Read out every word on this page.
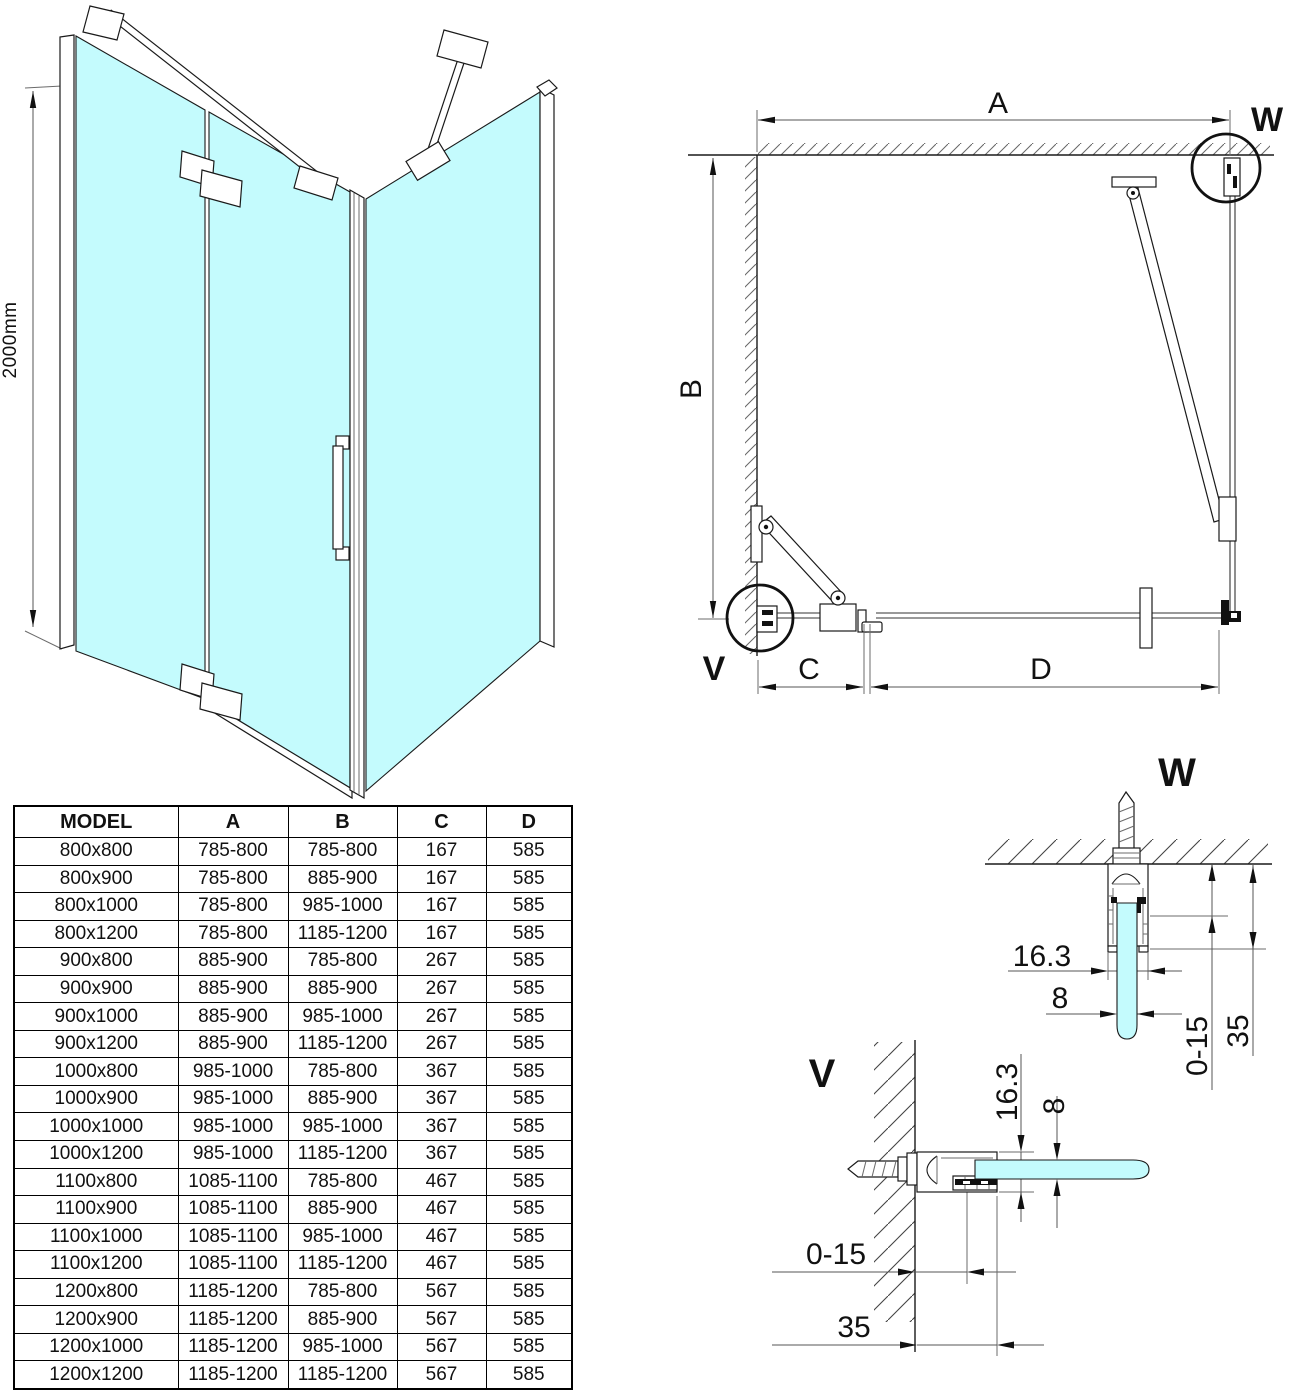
2000mm
A
B
C	D
W
V
W
16.3
8
0-15 35
V	16.3 8
0-15
35
MODEL	A	B	C	D
800x800	785-800	785-800	167	585
800x900	785-800	885-900	167	585
800x1000	785-800	985-1000	167	585
800x1200	785-800	1185-1200	167	585
900x800	885-900	785-800	267	585
900x900	885-900	885-900	267	585
900x1000	885-900	985-1000	267	585
900x1200	885-900	1185-1200	267	585
1000x800	985-1000	785-800	367	585
1000x900	985-1000	885-900	367	585
1000x1000	985-1000	985-1000	367	585
1000x1200	985-1000	1185-1200	367	585
1100x800	1085-1100	785-800	467	585
1100x900	1085-1100	885-900	467	585
1100x1000	1085-1100	985-1000	467	585
1100x1200	1085-1100	1185-1200	467	585
1200x800	1185-1200	785-800	567	585
1200x900	1185-1200	885-900	567	585
1200x1000	1185-1200	985-1000	567	585
1200x1200	1185-1200	1185-1200	567	585
